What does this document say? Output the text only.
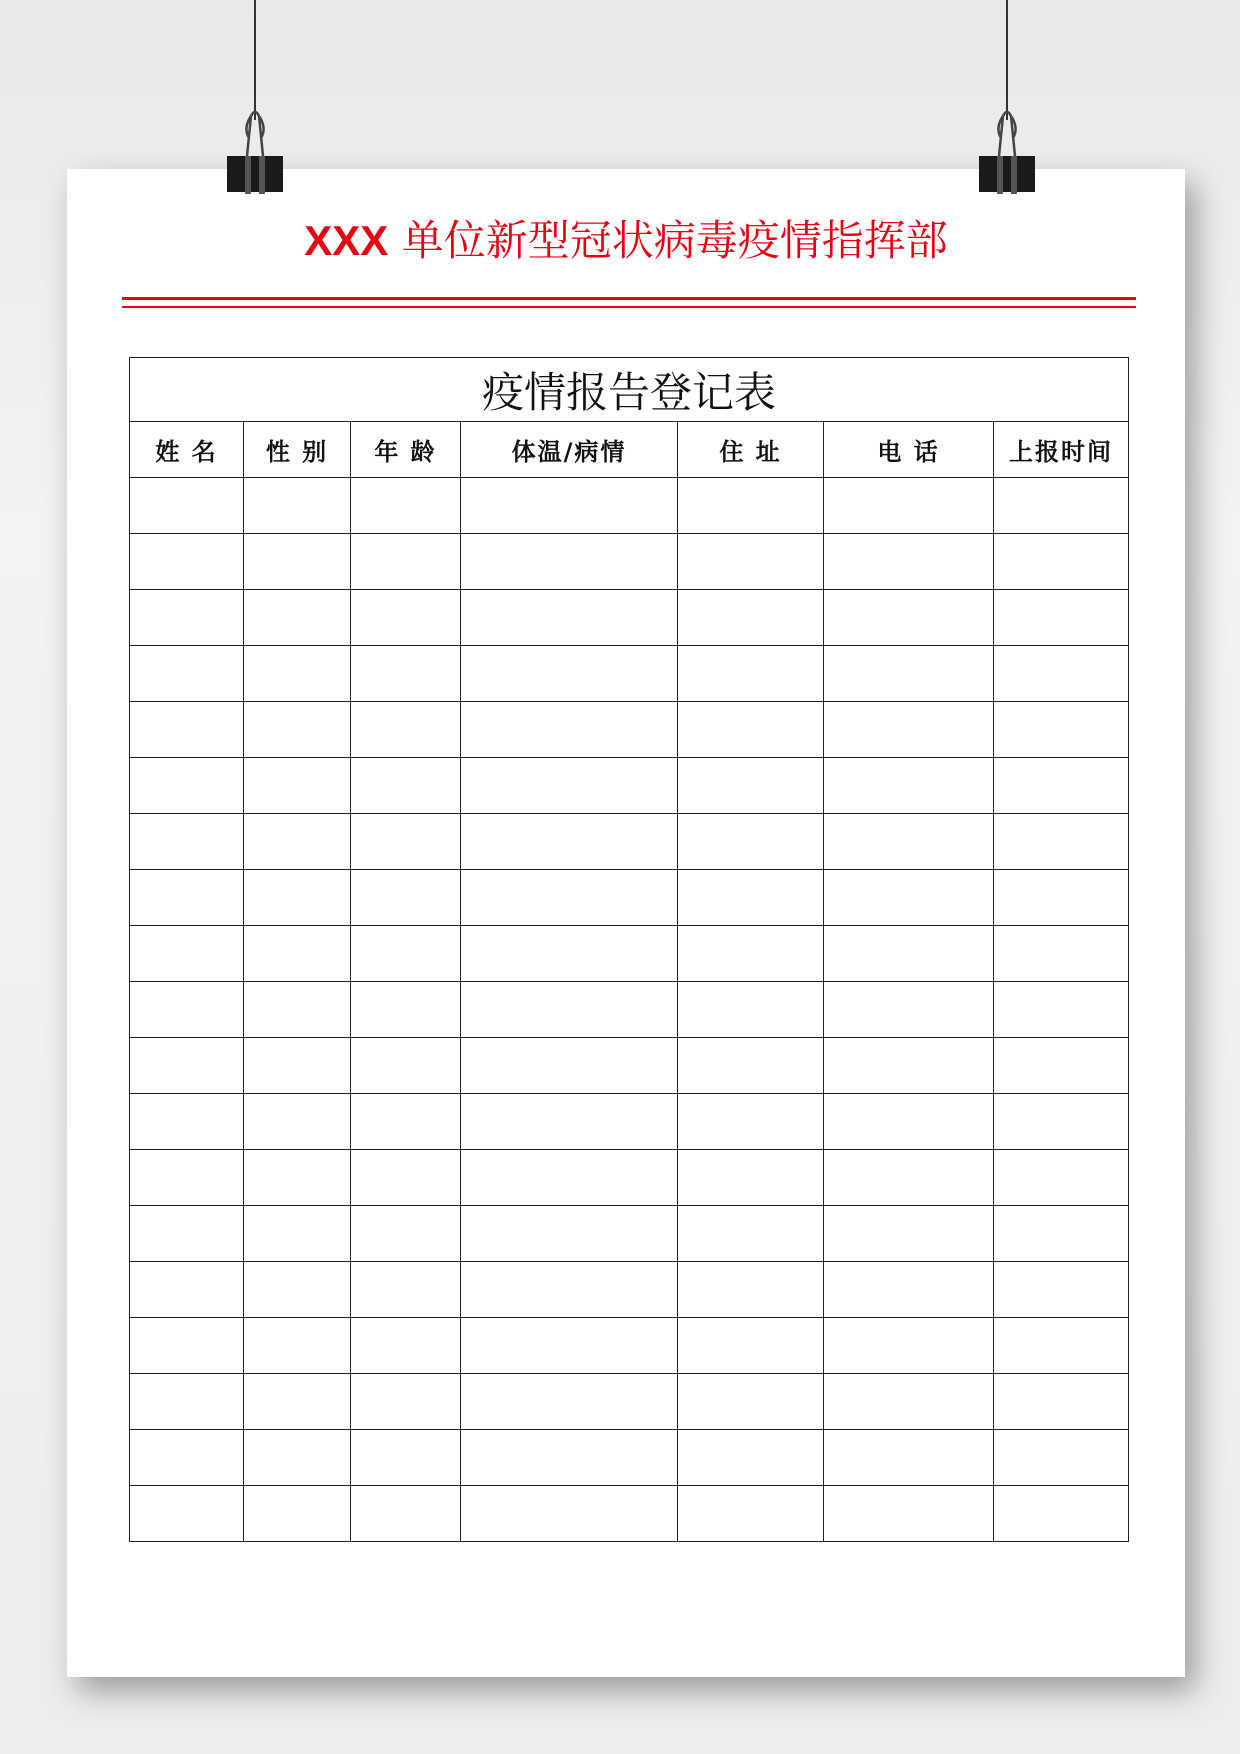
XXX 单位新型冠状病毒疫情指挥部
疫情报告登记表						
姓 名	性 别	年 龄	体温/病情	住 址	电 话	上报时间
